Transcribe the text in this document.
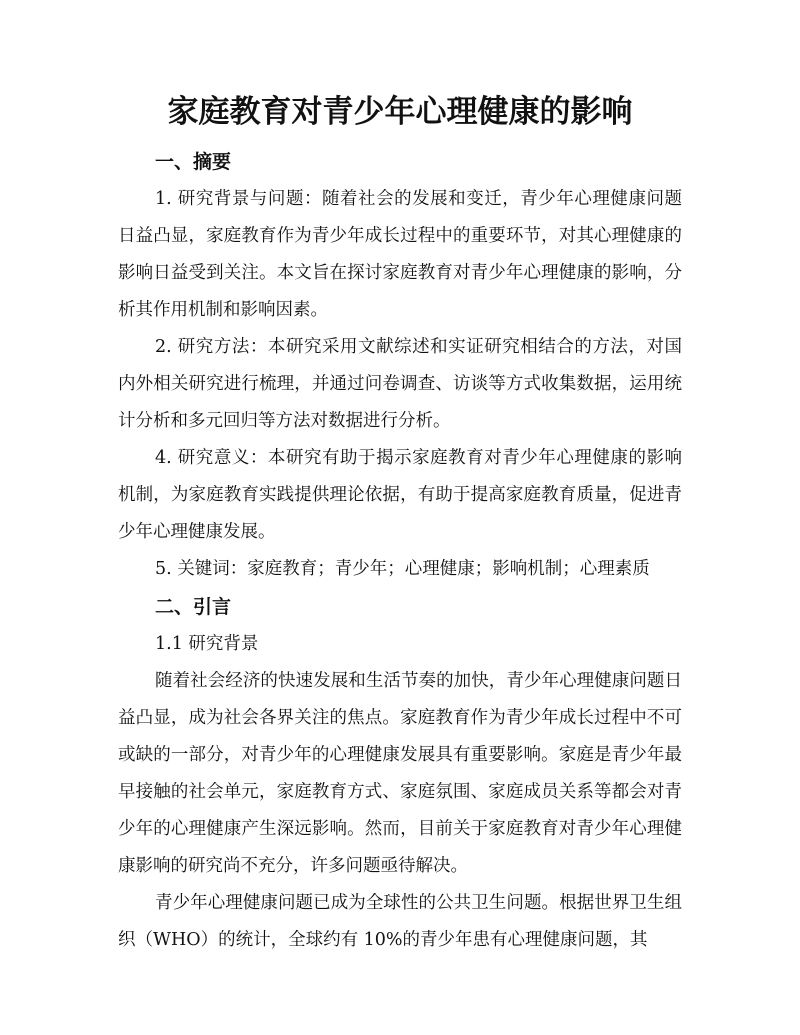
家庭教育对青少年心理健康的影响
一、摘要

1. 研究背景与问题：随着社会的发展和变迁，青少年心理健康问题日益凸显，家庭教育作为青少年成长过程中的重要环节，对其心理健康的影响日益受到关注。本文旨在探讨家庭教育对青少年心理健康的影响，分析其作用机制和影响因素。

2. 研究方法：本研究采用文献综述和实证研究相结合的方法，对国内外相关研究进行梳理，并通过问卷调查、访谈等方式收集数据，运用统计分析和多元回归等方法对数据进行分析。

4. 研究意义：本研究有助于揭示家庭教育对青少年心理健康的影响机制，为家庭教育实践提供理论依据，有助于提高家庭教育质量，促进青少年心理健康发展。

5. 关键词：家庭教育；青少年；心理健康；影响机制；心理素质

二、引言

1.1 研究背景

随着社会经济的快速发展和生活节奏的加快，青少年心理健康问题日益凸显，成为社会各界关注的焦点。家庭教育作为青少年成长过程中不可或缺的一部分，对青少年的心理健康发展具有重要影响。家庭是青少年最早接触的社会单元，家庭教育方式、家庭氛围、家庭成员关系等都会对青少年的心理健康产生深远影响。然而，目前关于家庭教育对青少年心理健康影响的研究尚不充分，许多问题亟待解决。

青少年心理健康问题已成为全球性的公共卫生问题。根据世界卫生组织（WHO）的统计，全球约有 10%的青少年患有心理健康问题，其
